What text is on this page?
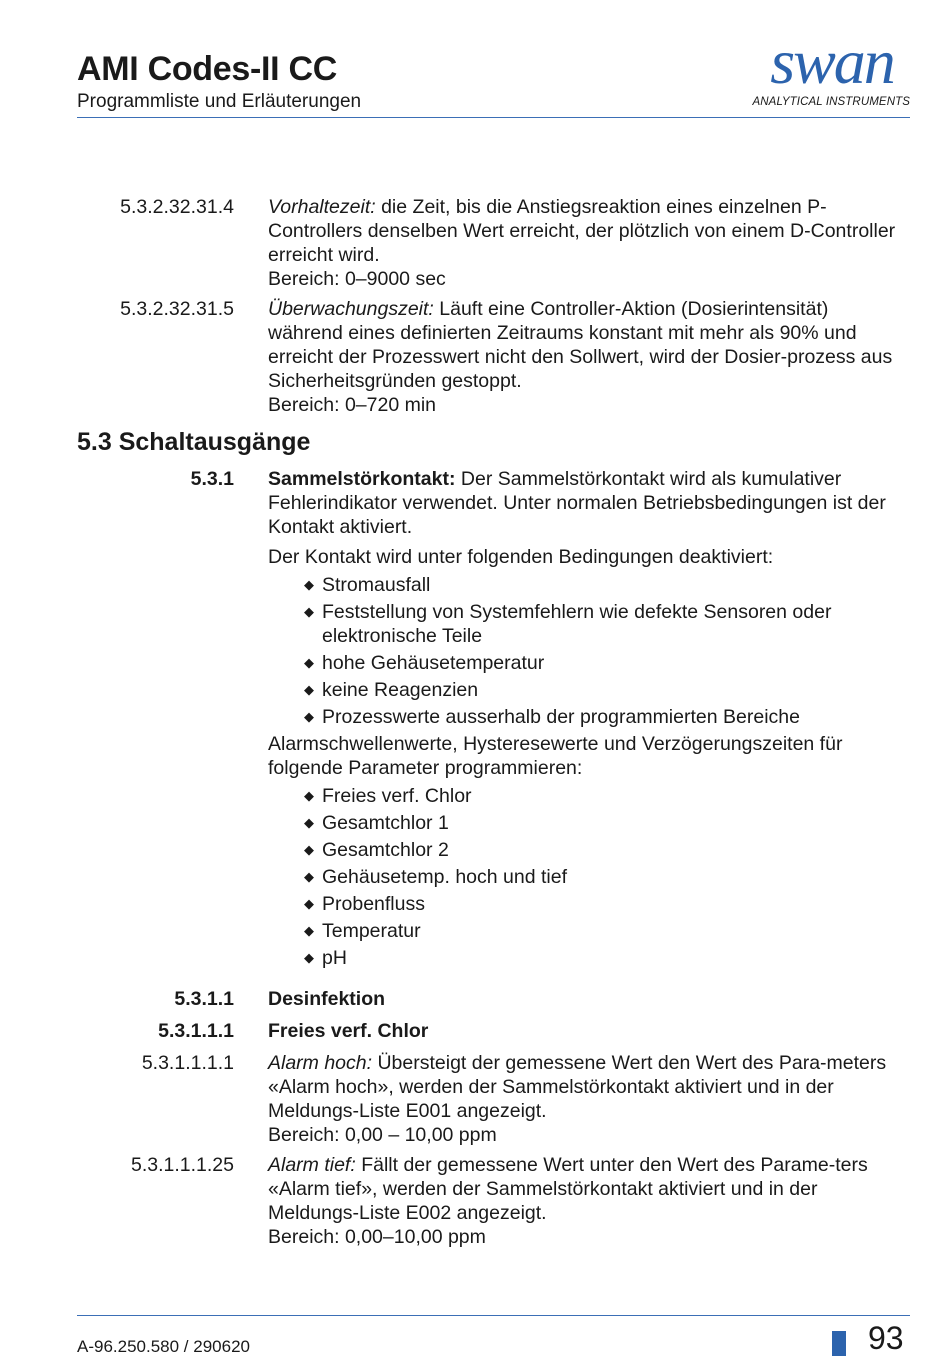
AMI Codes-II CC
Programmliste und Erläuterungen
swan
ANALYTICAL INSTRUMENTS
5.3.2.32.31.4 Vorhaltezeit: die Zeit, bis die Anstiegsreaktion eines einzelnen P-Controllers denselben Wert erreicht, der plötzlich von einem D-Controller erreicht wird.
Bereich: 0–9000 sec
5.3.2.32.31.5 Überwachungszeit: Läuft eine Controller-Aktion (Dosierintensität) während eines definierten Zeitraums konstant mit mehr als 90% und erreicht der Prozesswert nicht den Sollwert, wird der Dosier-prozess aus Sicherheitsgründen gestoppt.
Bereich: 0–720 min
5.3 Schaltausgänge
5.3.1 Sammelstörkontakt: Der Sammelstörkontakt wird als kumulativer Fehlerindikator verwendet. Unter normalen Betriebsbedingungen ist der Kontakt aktiviert.
Der Kontakt wird unter folgenden Bedingungen deaktiviert:
◆ Stromausfall
◆ Feststellung von Systemfehlern wie defekte Sensoren oder elektronische Teile
◆ hohe Gehäusetemperatur
◆ keine Reagenzien
◆ Prozesswerte ausserhalb der programmierten Bereiche
Alarmschwellenwerte, Hysteresewerte und Verzögerungszeiten für folgende Parameter programmieren:
◆ Freies verf. Chlor
◆ Gesamtchlor 1
◆ Gesamtchlor 2
◆ Gehäusetemp. hoch und tief
◆ Probenfluss
◆ Temperatur
◆ pH
5.3.1.1 Desinfektion
5.3.1.1.1 Freies verf. Chlor
5.3.1.1.1.1 Alarm hoch: Übersteigt der gemessene Wert den Wert des Para-meters «Alarm hoch», werden der Sammelstörkontakt aktiviert und in der Meldungs-Liste E001 angezeigt.
Bereich: 0,00 – 10,00 ppm
5.3.1.1.1.25 Alarm tief: Fällt der gemessene Wert unter den Wert des Parame-ters «Alarm tief», werden der Sammelstörkontakt aktiviert und in der Meldungs-Liste E002 angezeigt.
Bereich: 0,00–10,00 ppm
A-96.250.580 / 290620	93
